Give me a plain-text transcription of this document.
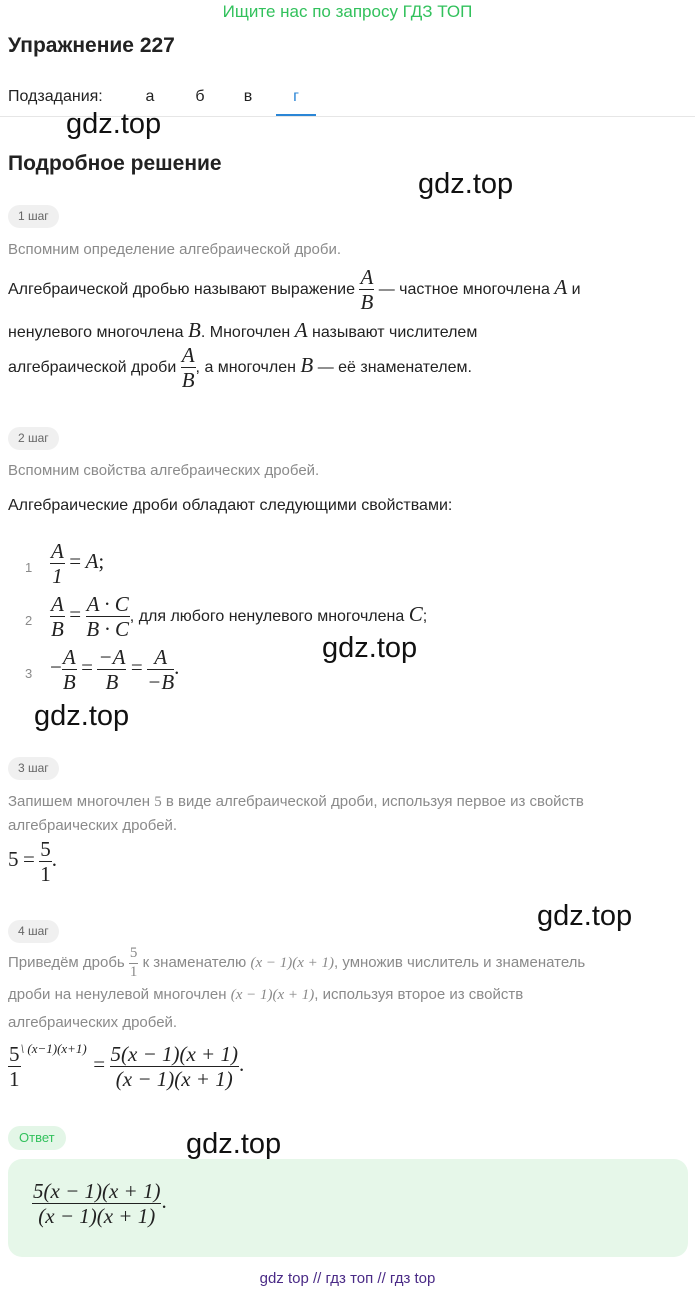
Ищите нас по запросу ГДЗ ТОП
Упражнение 227
Подзадания:	а	б	в	г
gdz.top
gdz.top
gdz.top
gdz.top
gdz.top
gdz.top
Подробное решение
1 шаг
Вспомним определение алгебраической дроби.
Алгебраической дробью называют выражение $\frac{A}{B}$ — частное многочлена A и
ненулевого многочлена B. Многочлен A называют числителем
алгебраической дроби $\frac{A}{B}$ , а многочлен B — её знаменателем.
2 шаг
Вспомним свойства алгебраических дробей.
Алгебраические дроби обладают следующими свойствами:
$1 \frac{A}{1} = A$;
$2 \frac{A}{B} = \frac{A \cdot C}{B \cdot C}$ , для любого ненулевого многочлена C;
$3 - \frac{A}{B} = \frac{-A}{B} = \frac{A}{-B}$ .
3 шаг
Запишем многочлен 5 в виде алгебраической дроби, используя первое из свойств
алгебраических дробей.
$5 = \frac{5}{1}$ .
4 шаг
Приведём дробь $\frac{5}{1}$ к знаменателю (x − 1)(x + 1), умножив числитель и знаменатель
дроби на ненулевой многочлен (x − 1)(x + 1), используя второе из свойств
алгебраических дробей.
$\frac{5}{1} ^{\backslash (x-1)(x+1)} = \frac{5(x - 1)(x + 1)}{(x - 1)(x + 1)}$ .
Ответ
$\frac{5(x - 1)(x + 1)}{(x - 1)(x + 1)}$ .
gdz top // гдз топ // гдз top
